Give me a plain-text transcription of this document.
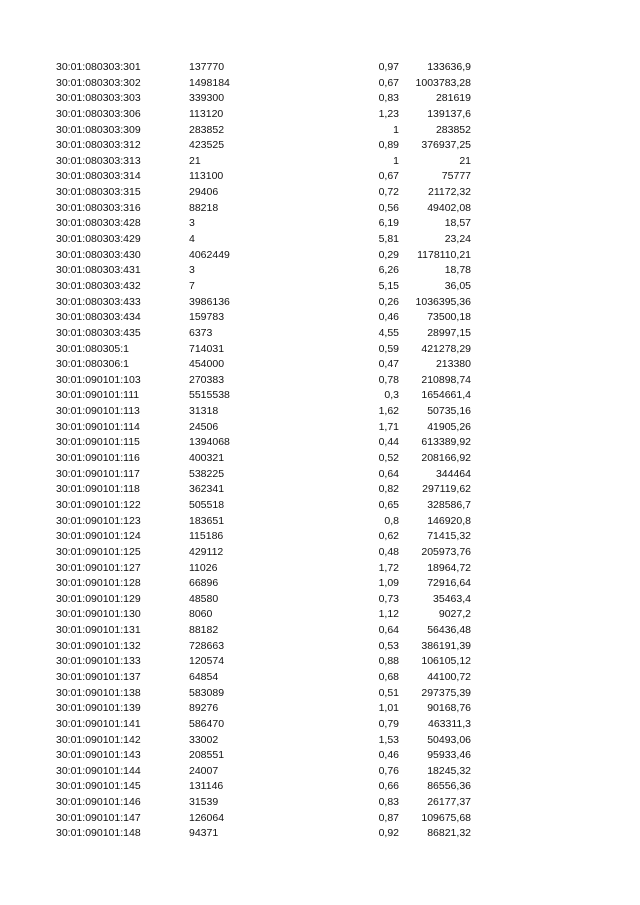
30:01:080303:301	137770	0,97	133636,9
30:01:080303:302	1498184	0,67	1003783,28
30:01:080303:303	339300	0,83	281619
30:01:080303:306	113120	1,23	139137,6
30:01:080303:309	283852	1	283852
30:01:080303:312	423525	0,89	376937,25
30:01:080303:313	21	1	21
30:01:080303:314	113100	0,67	75777
30:01:080303:315	29406	0,72	21172,32
30:01:080303:316	88218	0,56	49402,08
30:01:080303:428	3	6,19	18,57
30:01:080303:429	4	5,81	23,24
30:01:080303:430	4062449	0,29	1178110,21
30:01:080303:431	3	6,26	18,78
30:01:080303:432	7	5,15	36,05
30:01:080303:433	3986136	0,26	1036395,36
30:01:080303:434	159783	0,46	73500,18
30:01:080303:435	6373	4,55	28997,15
30:01:080305:1	714031	0,59	421278,29
30:01:080306:1	454000	0,47	213380
30:01:090101:103	270383	0,78	210898,74
30:01:090101:111	5515538	0,3	1654661,4
30:01:090101:113	31318	1,62	50735,16
30:01:090101:114	24506	1,71	41905,26
30:01:090101:115	1394068	0,44	613389,92
30:01:090101:116	400321	0,52	208166,92
30:01:090101:117	538225	0,64	344464
30:01:090101:118	362341	0,82	297119,62
30:01:090101:122	505518	0,65	328586,7
30:01:090101:123	183651	0,8	146920,8
30:01:090101:124	115186	0,62	71415,32
30:01:090101:125	429112	0,48	205973,76
30:01:090101:127	11026	1,72	18964,72
30:01:090101:128	66896	1,09	72916,64
30:01:090101:129	48580	0,73	35463,4
30:01:090101:130	8060	1,12	9027,2
30:01:090101:131	88182	0,64	56436,48
30:01:090101:132	728663	0,53	386191,39
30:01:090101:133	120574	0,88	106105,12
30:01:090101:137	64854	0,68	44100,72
30:01:090101:138	583089	0,51	297375,39
30:01:090101:139	89276	1,01	90168,76
30:01:090101:141	586470	0,79	463311,3
30:01:090101:142	33002	1,53	50493,06
30:01:090101:143	208551	0,46	95933,46
30:01:090101:144	24007	0,76	18245,32
30:01:090101:145	131146	0,66	86556,36
30:01:090101:146	31539	0,83	26177,37
30:01:090101:147	126064	0,87	109675,68
30:01:090101:148	94371	0,92	86821,32
